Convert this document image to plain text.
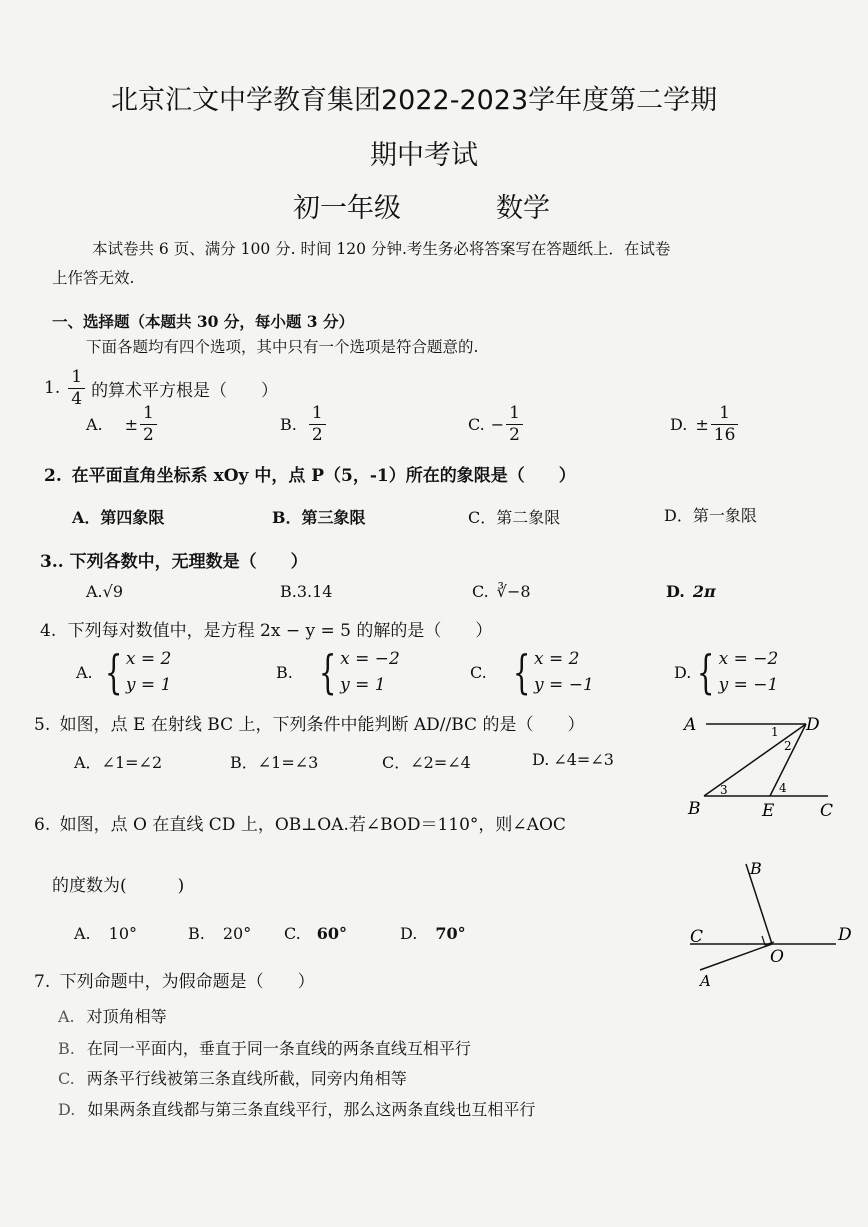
北京汇文中学教育集团2022-2023学年度第二学期
期中考试
初一年级	数学
本试卷共 6 页、满分 100 分. 时间 120 分钟.考生务必将答案写在答题纸上．在试卷
上作答无效.
一、选择题（本题共 30 分，每小题 3 分）
下面各题均有四个选项，其中只有一个选项是符合题意的.
1. $\frac{1}{4}$ 的算术平方根是（　　）
A. ± $\frac{1}{2}$	B. $\frac{1}{2}$	C. − $\frac{1}{2}$	D. ± $\frac{1}{16}$
2. 在平面直角坐标系 xOy 中，点 P（5，-1）所在的象限是（　　）
A．第四象限	B．第三象限	C．第二象限	D．第一象限
3.. 下列各数中，无理数是（　　）
A.√9	B.3.14	C. ∛−8	D. 2π
4. 下列每对数值中，是方程 2x − y = 5 的解的是（　　）
A. { x = 2
y = 1
B. { x = −2
y = 1
C. { x = 2
y = −1
D. { x = −2
y = −1
5. 如图，点 E 在射线 BC 上，下列条件中能判断 AD//BC 的是（　　）
A．∠1=∠2	B．∠1=∠3	C．∠2=∠4	D. ∠4=∠3
A	D
B	E	C
1
2
3	4
6. 如图，点 O 在直线 CD 上，OB⊥OA.若∠BOD＝110°，则∠AOC
的度数为(　　　)
A. 10°	B. 20° C. 60°	D. 70°
B
C	D
O
A
7. 下列命题中，为假命题是（　　）
A. 对顶角相等
B. 在同一平面内，垂直于同一条直线的两条直线互相平行
C. 两条平行线被第三条直线所截，同旁内角相等
D. 如果两条直线都与第三条直线平行，那么这两条直线也互相平行
